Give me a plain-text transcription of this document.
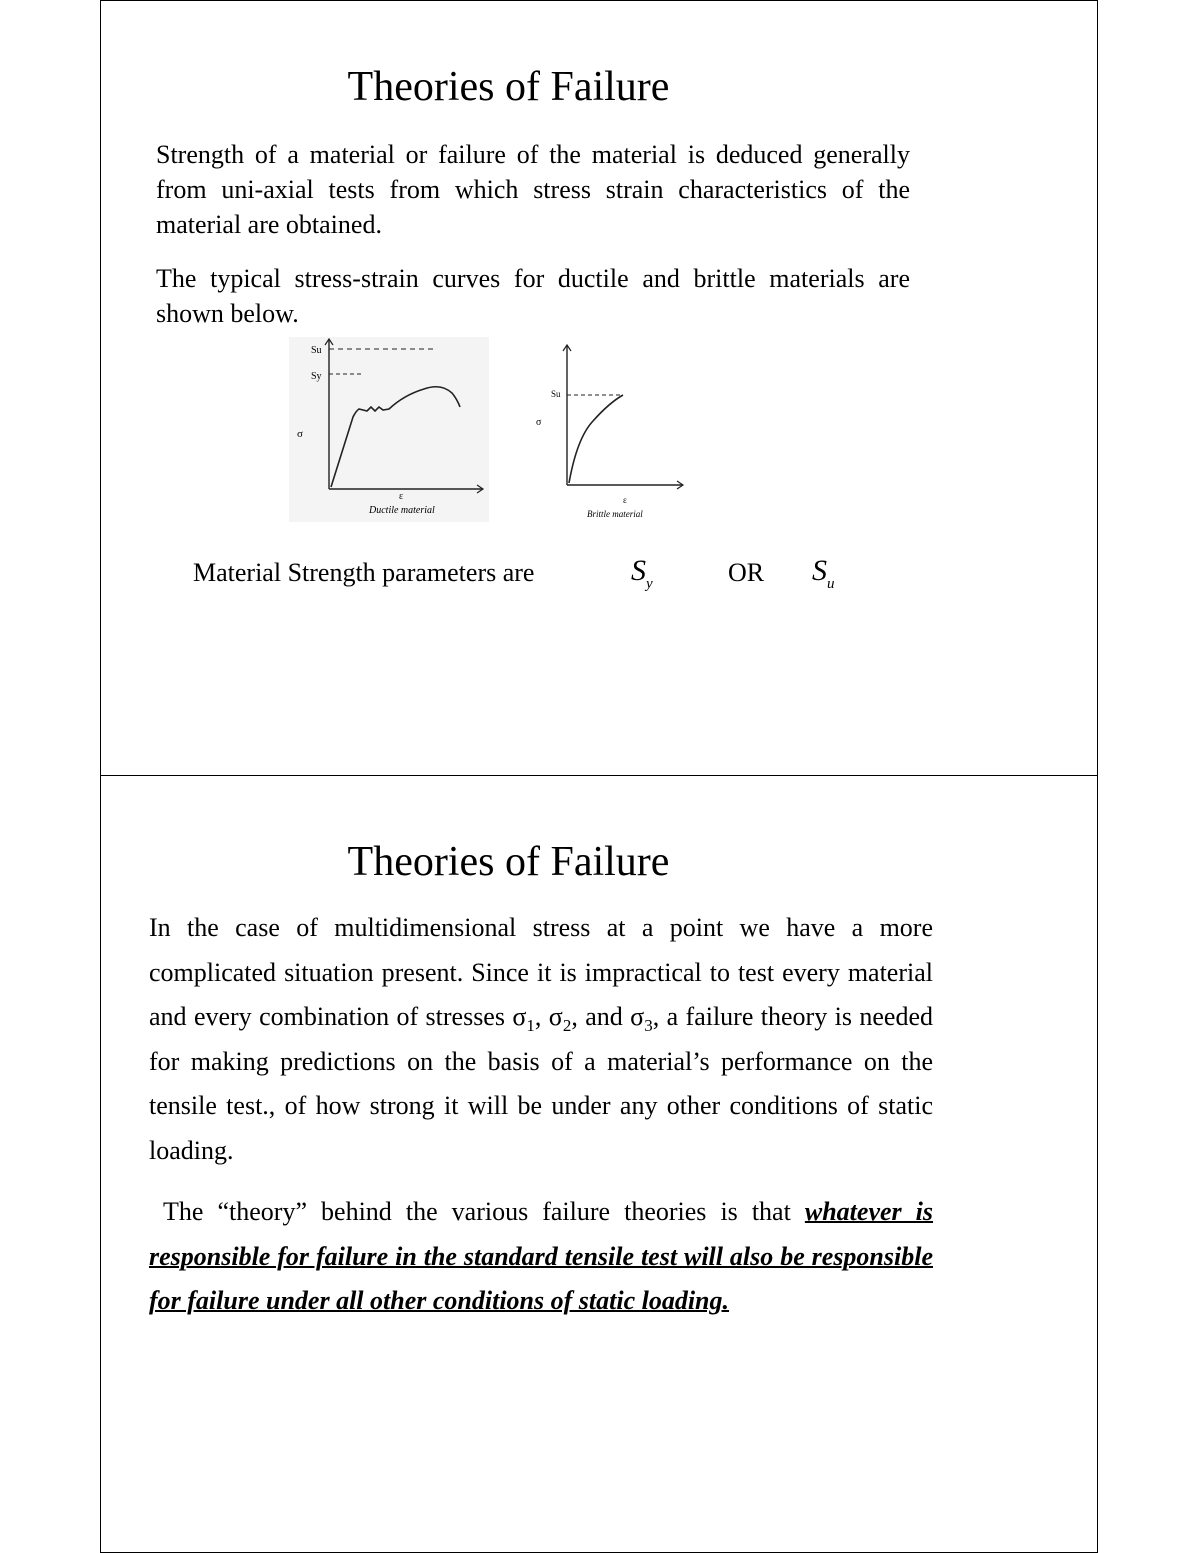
Theories of Failure
Strength of a material or failure of the material is deduced generally from uni-axial tests from which stress strain characteristics of the material are obtained.
The typical stress-strain curves for ductile and brittle materials are shown below.
Su
Sy
σ
ε
Ductile material
Su
σ
ε
Brittle material
Material Strength parameters are	$S_y$	OR $S_u$
Theories of Failure
In the case of multidimensional stress at a point we have a more complicated situation present. Since it is impractical to test every material and every combination of stresses $\sigma_1$, $\sigma_2$, and $\sigma_3$, a failure theory is needed for making predictions on the basis of a material’s performance on the tensile test., of how strong it will be under any other conditions of static loading.
The “theory” behind the various failure theories is that whatever is responsible for failure in the standard tensile test will also be responsible for failure under all other conditions of static loading.
